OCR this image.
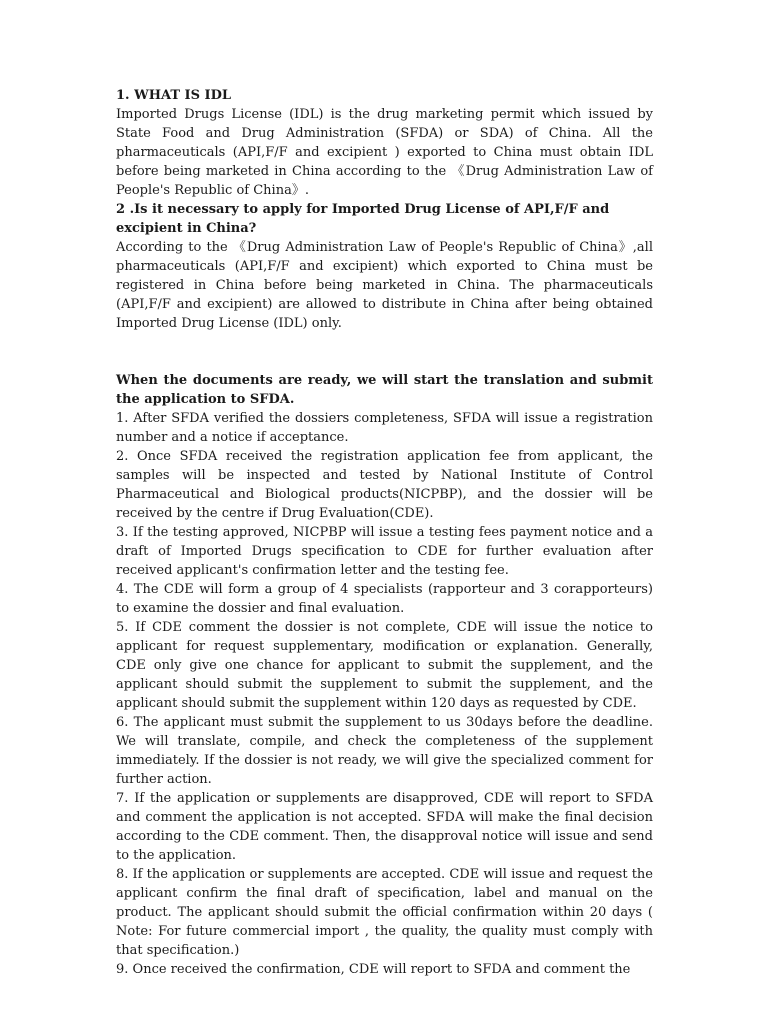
1. WHAT IS IDL

Imported Drugs License (IDL) is the drug marketing permit which issued by State Food and Drug Administration (SFDA) or SDA) of China. All the pharmaceuticals (API,F/F and excipient ) exported to China must obtain IDL before being marketed in China according to the 《Drug Administration Law of People's Republic of China》.

2 .Is it necessary to apply for Imported Drug License of API,F/F and excipient in China?

According to the 《Drug Administration Law of People's Republic of China》,all pharmaceuticals (API,F/F and excipient) which exported to China must be registered in China before being marketed in China. The pharmaceuticals (API,F/F and excipient) are allowed to distribute in China after being obtained Imported Drug License (IDL) only.

When the documents are ready, we will start the translation and submit the application to SFDA.

1. After SFDA verified the dossiers completeness, SFDA will issue a registration number and a notice if acceptance.

2. Once SFDA received the registration application fee from applicant, the samples will be inspected and tested by National Institute of Control Pharmaceutical and Biological products(NICPBP), and the dossier will be received by the centre if Drug Evaluation(CDE).

3. If the testing approved, NICPBP will issue a testing fees payment notice and a draft of Imported Drugs specification to CDE for further evaluation after received applicant's confirmation letter and the testing fee.

4. The CDE will form a group of 4 specialists (rapporteur and 3 corapporteurs) to examine the dossier and final evaluation.

5. If CDE comment the dossier is not complete, CDE will issue the notice to applicant for request supplementary, modification or explanation. Generally, CDE only give one chance for applicant to submit the supplement, and the applicant should submit the supplement to submit the supplement, and the applicant should submit the supplement within 120 days as requested by CDE.

6. The applicant must submit the supplement to us 30days before the deadline. We will translate, compile, and check the completeness of the supplement immediately. If the dossier is not ready, we will give the specialized comment for further action.

7. If the application or supplements are disapproved, CDE will report to SFDA and comment the application is not accepted. SFDA will make the final decision according to the CDE comment. Then, the disapproval notice will issue and send to the application.

8. If the application or supplements are accepted. CDE will issue and request the applicant confirm the final draft of specification, label and manual on the product. The applicant should submit the official confirmation within 20 days ( Note: For future commercial import , the quality, the quality must comply with that specification.)

9. Once received the confirmation, CDE will report to SFDA and comment the
